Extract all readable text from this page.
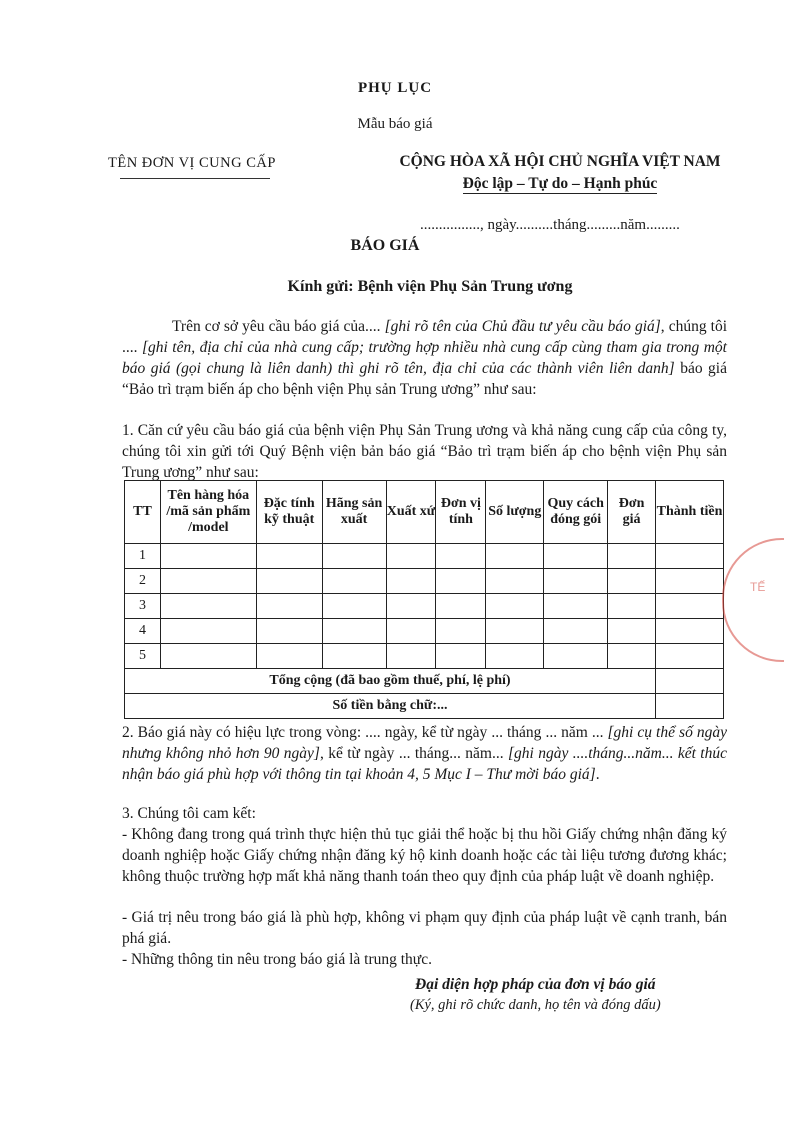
PHỤ LỤC
Mẫu báo giá
TÊN ĐƠN VỊ CUNG CẤP	CỘNG HÒA XÃ HỘI CHỦ NGHĨA VIỆT NAM
Độc lập – Tự do – Hạnh phúc
................, ngày..........tháng.........năm.........
BÁO GIÁ
Kính gửi: Bệnh viện Phụ Sản Trung ương
Trên cơ sở yêu cầu báo giá của.... [ghi rõ tên của Chủ đầu tư yêu cầu báo giá], chúng tôi .... [ghi tên, địa chỉ của nhà cung cấp; trường hợp nhiều nhà cung cấp cùng tham gia trong một báo giá (gọi chung là liên danh) thì ghi rõ tên, địa chỉ của các thành viên liên danh] báo giá “Bảo trì trạm biến áp cho bệnh viện Phụ sản Trung ương” như sau:
1. Căn cứ yêu cầu báo giá của bệnh viện Phụ Sản Trung ương và khả năng cung cấp của công ty, chúng tôi xin gửi tới Quý Bệnh viện bản báo giá “Bảo trì trạm biến áp cho bệnh viện Phụ sản Trung ương” như sau:
TT	Tên hàng hóa /mã sản phẩm /model	Đặc tính kỹ thuật	Hãng sản xuất	Xuất xứ	Đơn vị tính	Số lượng	Quy cách đóng gói	Đơn giá	Thành tiền
1									
2									
3									
4									
5									
Tổng cộng (đã bao gồm thuế, phí, lệ phí)									
Số tiền bằng chữ:...									
2. Báo giá này có hiệu lực trong vòng: .... ngày, kể từ ngày ... tháng ... năm ... [ghi cụ thể số ngày nhưng không nhỏ hơn 90 ngày], kể từ ngày ... tháng... năm... [ghi ngày ....tháng...năm... kết thúc nhận báo giá phù hợp với thông tin tại khoản 4, 5 Mục I – Thư mời báo giá].
3. Chúng tôi cam kết:
- Không đang trong quá trình thực hiện thủ tục giải thể hoặc bị thu hồi Giấy chứng nhận đăng ký doanh nghiệp hoặc Giấy chứng nhận đăng ký hộ kinh doanh hoặc các tài liệu tương đương khác; không thuộc trường hợp mất khả năng thanh toán theo quy định của pháp luật về doanh nghiệp.
- Giá trị nêu trong báo giá là phù hợp, không vi phạm quy định của pháp luật về cạnh tranh, bán phá giá.
- Những thông tin nêu trong báo giá là trung thực.
Đại diện hợp pháp của đơn vị báo giá
(Ký, ghi rõ chức danh, họ tên và đóng dấu)
TẾ
